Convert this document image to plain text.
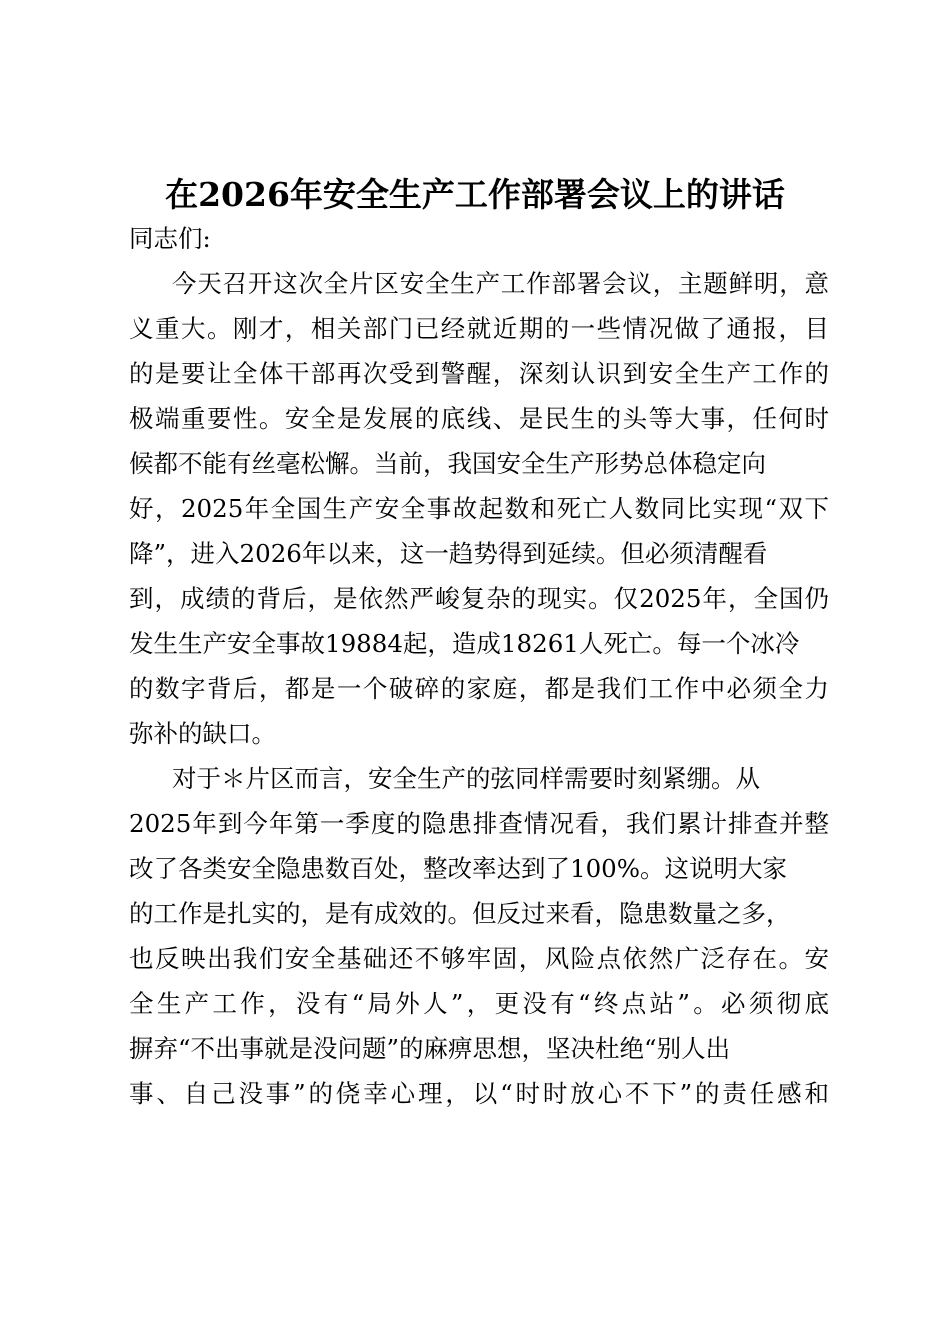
在2026年安全生产工作部署会议上的讲话
同志们:
今天召开这次全片区安全生产工作部署会议，主题鲜明，意
义重大。刚才，相关部门已经就近期的一些情况做了通报，目
的是要让全体干部再次受到警醒，深刻认识到安全生产工作的
极端重要性。安全是发展的底线、是民生的头等大事，任何时
候都不能有丝毫松懈。当前，我国安全生产形势总体稳定向
好，2025年全国生产安全事故起数和死亡人数同比实现“双下
降”，进入2026年以来，这一趋势得到延续。但必须清醒看
到，成绩的背后，是依然严峻复杂的现实。仅2025年，全国仍
发生生产安全事故19884起，造成18261人死亡。每一个冰冷
的数字背后，都是一个破碎的家庭，都是我们工作中必须全力
弥补的缺口。
对于＊片区而言，安全生产的弦同样需要时刻紧绷。从
2025年到今年第一季度的隐患排查情况看，我们累计排查并整
改了各类安全隐患数百处，整改率达到了100%。这说明大家
的工作是扎实的，是有成效的。但反过来看，隐患数量之多，
也反映出我们安全基础还不够牢固，风险点依然广泛存在。安
全生产工作，没有“局外人”，更没有“终点站”。必须彻底
摒弃“不出事就是没问题”的麻痹思想，坚决杜绝“别人出
事、自己没事”的侥幸心理，以“时时放心不下”的责任感和
